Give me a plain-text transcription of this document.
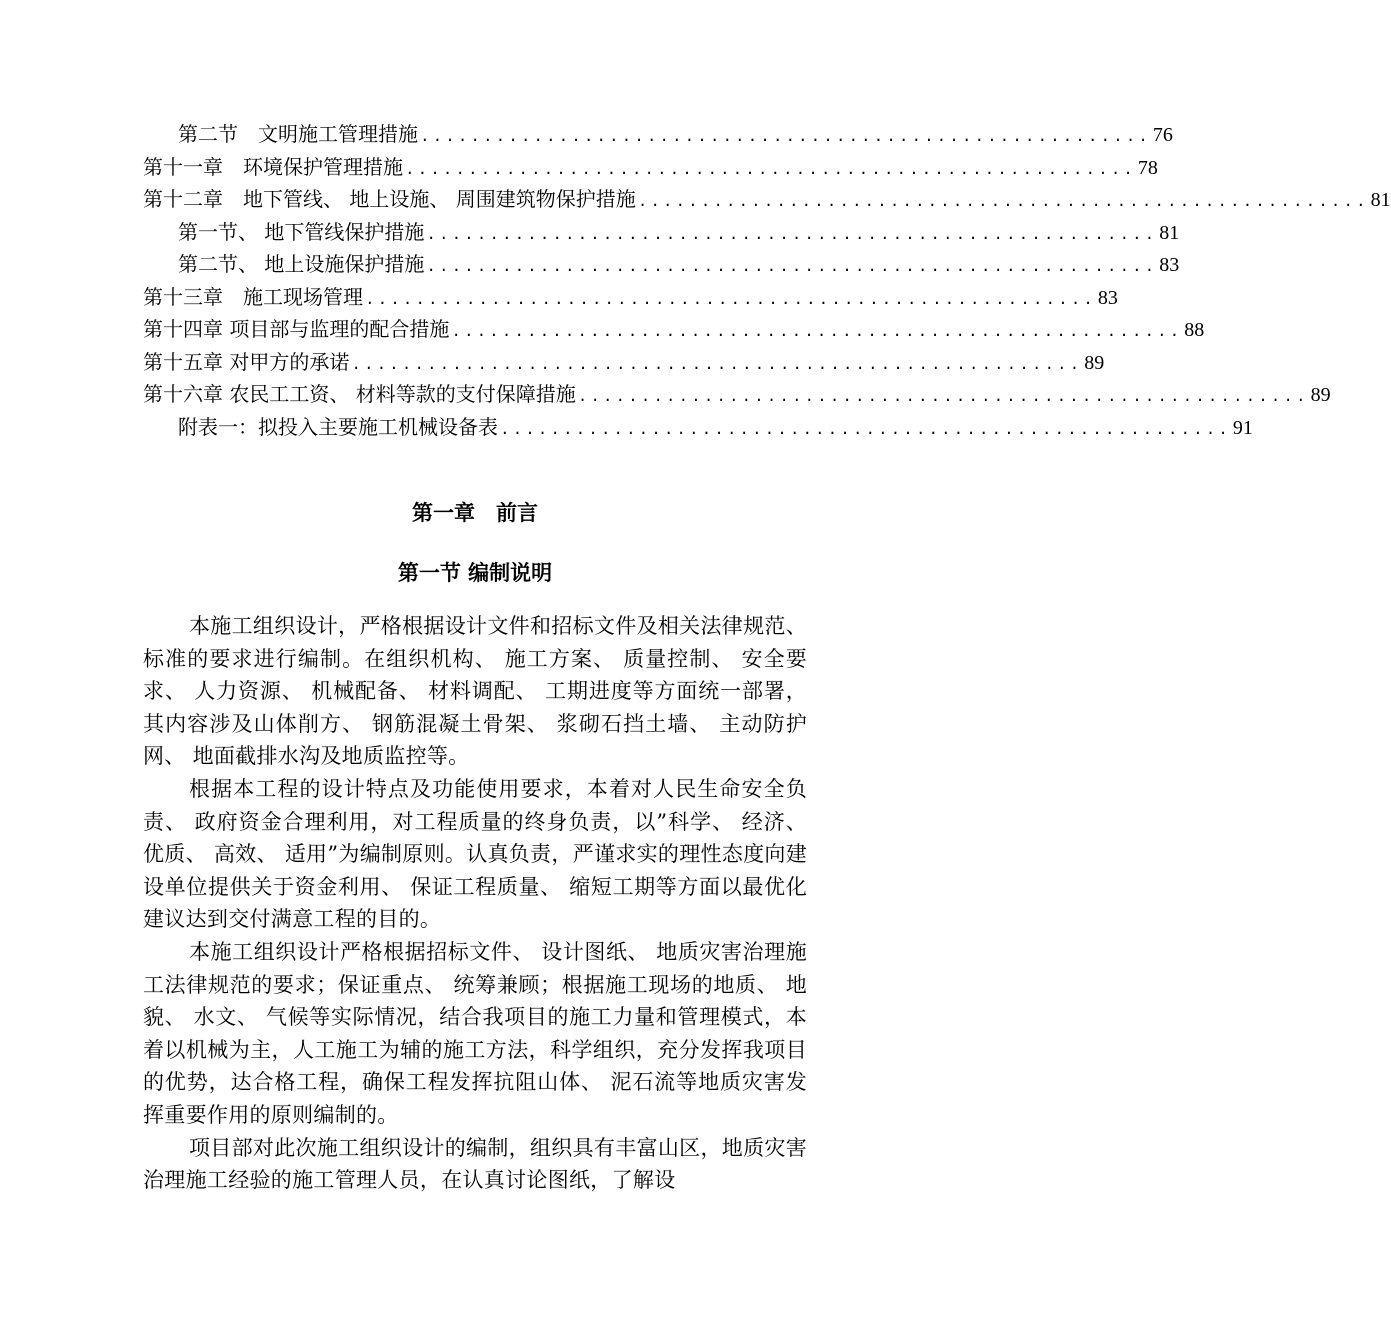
第二节　文明施工管理措施 .......................................................... 76
第十一章　环境保护管理措施 .......................................................... 78
第十二章　地下管线、 地上设施、 周围建筑物保护措施 .......................................................... 81
第一节、 地下管线保护措施 .......................................................... 81
第二节、 地上设施保护措施 .......................................................... 83
第十三章　施工现场管理 .......................................................... 83
第十四章 项目部与监理的配合措施 .......................................................... 88
第十五章 对甲方的承诺 .......................................................... 89
第十六章 农民工工资、 材料等款的支付保障措施 .......................................................... 89
附表一：拟投入主要施工机械设备表 .......................................................... 91
第一章　前言
第一节 编制说明

本施工组织设计，严格根据设计文件和招标文件及相关法律规范、 标准的要求进行编制。在组织机构、 施工方案、 质量控制、 安全要求、 人力资源、 机械配备、 材料调配、 工期进度等方面统一部署，其内容涉及山体削方、 钢筋混凝土骨架、 浆砌石挡土墙、 主动防护网、 地面截排水沟及地质监控等。

根据本工程的设计特点及功能使用要求，本着对人民生命安全负责、 政府资金合理利用，对工程质量的终身负责，以”科学、 经济、 优质、 高效、 适用”为编制原则。认真负责，严谨求实的理性态度向建设单位提供关于资金利用、 保证工程质量、 缩短工期等方面以最优化建议达到交付满意工程的目的。

本施工组织设计严格根据招标文件、 设计图纸、 地质灾害治理施工法律规范的要求；保证重点、 统筹兼顾；根据施工现场的地质、 地貌、 水文、 气候等实际情况，结合我项目的施工力量和管理模式，本着以机械为主，人工施工为辅的施工方法，科学组织，充分发挥我项目的优势，达合格工程，确保工程发挥抗阻山体、 泥石流等地质灾害发挥重要作用的原则编制的。

项目部对此次施工组织设计的编制，组织具有丰富山区，地质灾害治理施工经验的施工管理人员，在认真讨论图纸，了解设
